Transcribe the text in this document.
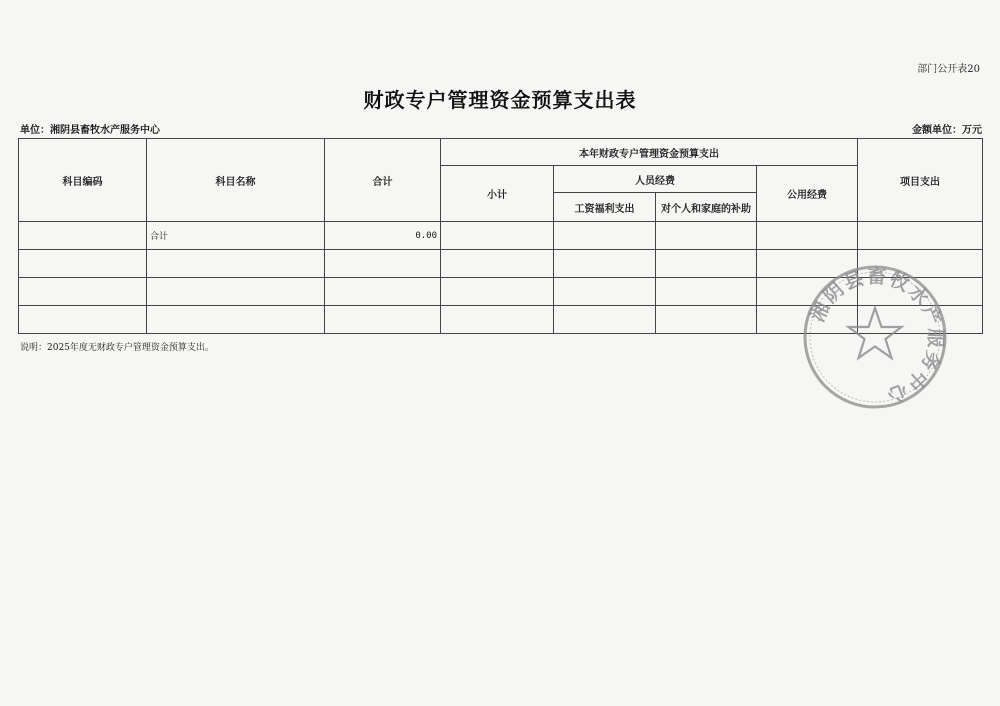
部门公开表20
财政专户管理资金预算支出表
单位：湘阴县畜牧水产服务中心	金额单位：万元
科目编码	科目名称	合计	本年财政专户管理资金预算支出				项目支出
			小计	人员经费		公用经费	
				工资福利支出	对个人和家庭的补助		
	合计	0.00					

说明：2025年度无财政专户管理资金预算支出。
湘阴县畜牧水产服务中心
